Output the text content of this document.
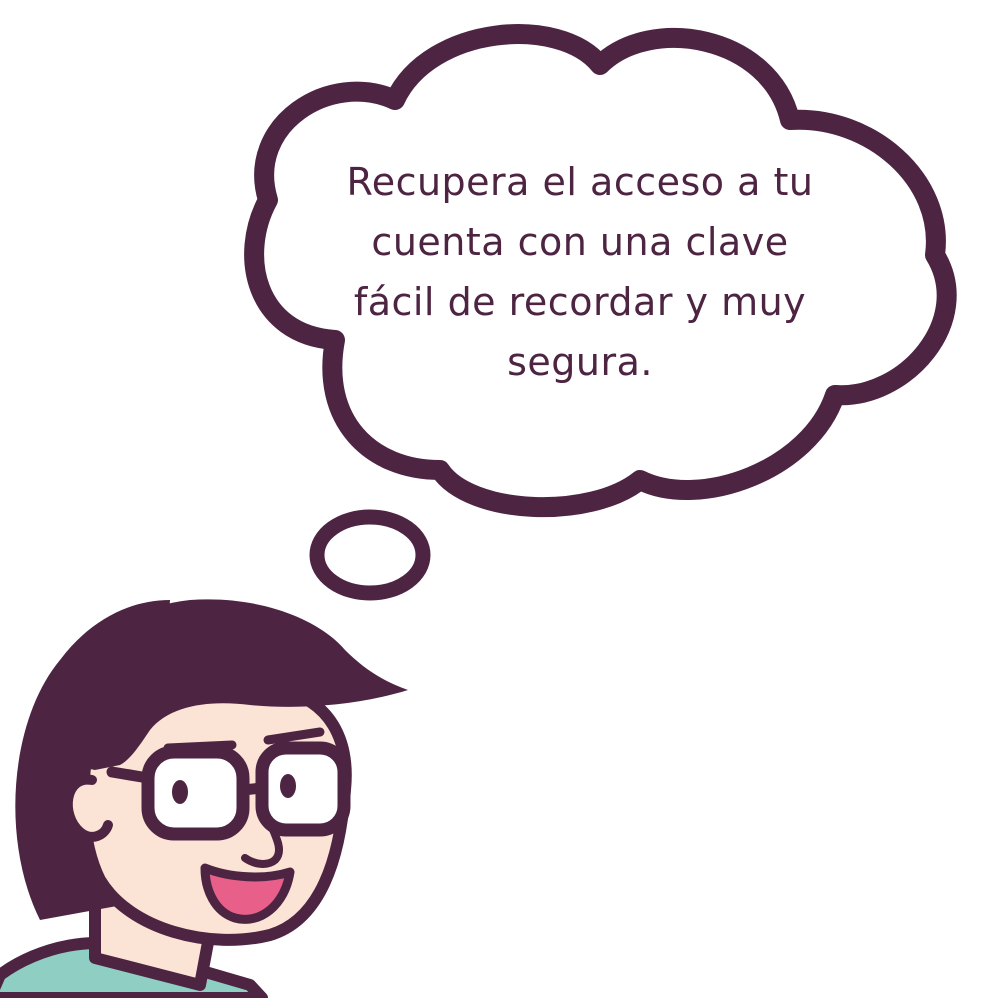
Recupera el acceso a tu cuenta con una clave fácil de recordar y muy segura.
